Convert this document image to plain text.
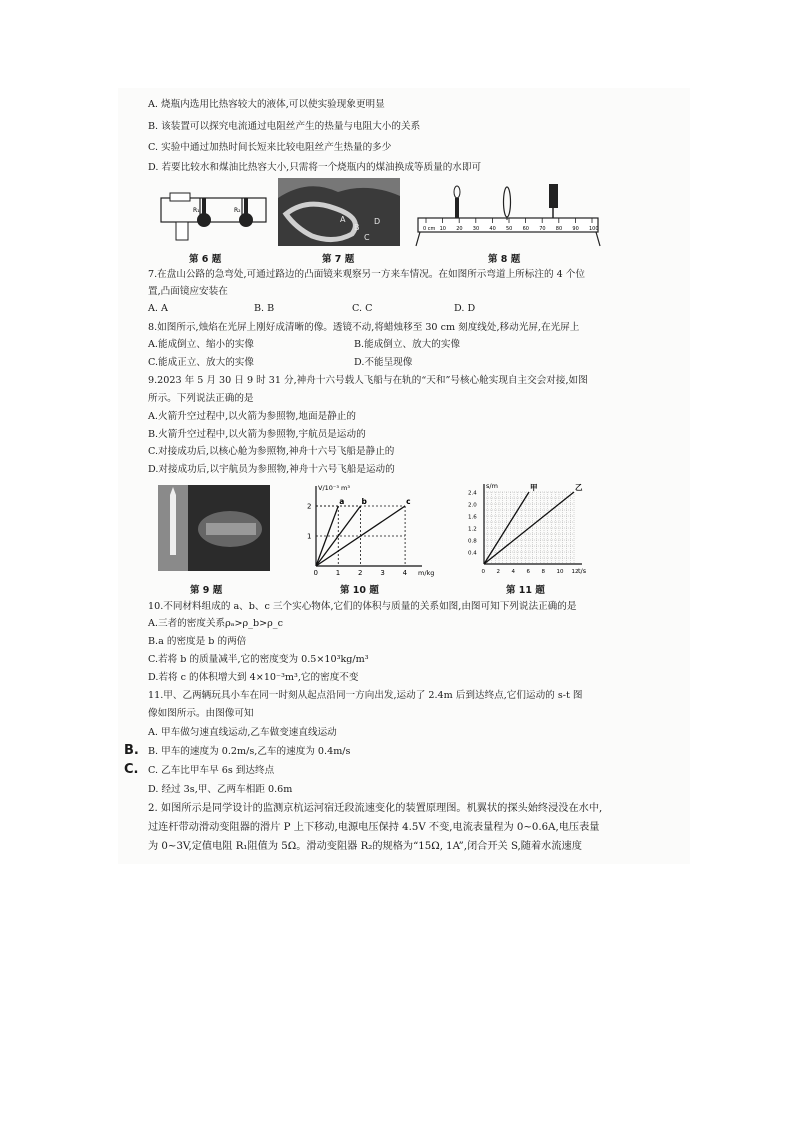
A. 烧瓶内选用比热容较大的液体,可以使实验现象更明显
B. 该装置可以探究电流通过电阻丝产生的热量与电阻大小的关系
C. 实验中通过加热时间长短来比较电阻丝产生热量的多少
D. 若要比较水和煤油比热容大小,只需将一个烧瓶内的煤油换成等质量的水即可
R₁	R₂
第 6 题
A
B
C
D
第 7 题
0 cm 10 20 30 40 50 60 70 80 90 100
第 8 题
7.在盘山公路的急弯处,可通过路边的凸面镜来观察另一方来车情况。在如图所示弯道上所标注的 4 个位
置,凸面镜应安装在
A. A	B. B	C. C	D. D
8.如图所示,烛焰在光屏上刚好成清晰的像。透镜不动,将蜡烛移至 30 cm 刻度线处,移动光屏,在光屏上
A.能成倒立、缩小的实像	B.能成倒立、放大的实像
C.能成正立、放大的实像	D.不能呈现像
9.2023 年 5 月 30 日 9 时 31 分,神舟十六号载人飞船与在轨的“天和”号核心舱实现自主交会对接,如图
所示。下列说法正确的是
A.火箭升空过程中,以火箭为参照物,地面是静止的
B.火箭升空过程中,以火箭为参照物,宇航员是运动的
C.对接成功后,以核心舱为参照物,神舟十六号飞船是静止的
D.对接成功后,以宇航员为参照物,神舟十六号飞船是运动的
第 9 题
V/10⁻³ m³
m/kg
0	1	2	3	4
1
2
a b	c
第 10 题
s/m
t/s
0 2 4 6 8 10 12
0.4
0.8
1.2
1.6
2.0
2.4
甲	乙
第 11 题
10.不同材料组成的 a、b、c 三个实心物体,它们的体积与质量的关系如图,由图可知下列说法正确的是
A.三者的密度关系ρₐ>ρ_b>ρ_c
B.a 的密度是 b 的两倍
C.若将 b 的质量减半,它的密度变为 0.5×10³kg/m³
D.若将 c 的体积增大到 4×10⁻³m³,它的密度不变
11.甲、乙两辆玩具小车在同一时刻从起点沿同一方向出发,运动了 2.4m 后到达终点,它们运动的 s-t 图
像如图所示。由图像可知
A. 甲车做匀速直线运动,乙车做变速直线运动
B. 甲车的速度为 0.2m/s,乙车的速度为 0.4m/s
C. 乙车比甲车早 6s 到达终点
D. 经过 3s,甲、乙两车相距 0.6m
B.
C.
2. 如图所示是同学设计的监测京杭运河宿迁段流速变化的装置原理图。机翼状的探头始终浸没在水中,
过连杆带动滑动变阻器的滑片 P 上下移动,电源电压保持 4.5V 不变,电流表量程为 0~0.6A,电压表量
为 0~3V,定值电阻 R₁阻值为 5Ω。滑动变阻器 R₂的规格为“15Ω, 1A”,闭合开关 S,随着水流速度
